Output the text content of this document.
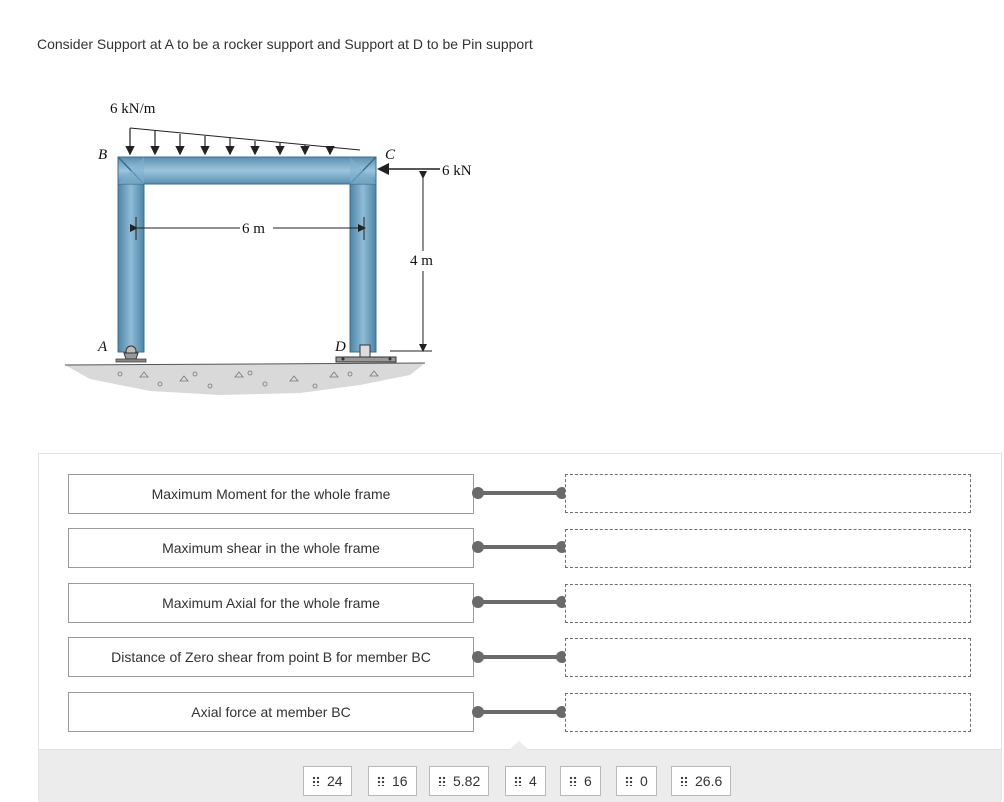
Consider Support at A to be a rocker support and Support at D to be Pin support
6 kN/m
6 kN
6 m
4 m
B	C
A	D
Maximum Moment for the whole frame
Maximum shear in the whole frame
Maximum Axial for the whole frame
Distance of Zero shear from point B for member BC
Axial force at member BC
24	16	5.82	4	6	0	26.6
